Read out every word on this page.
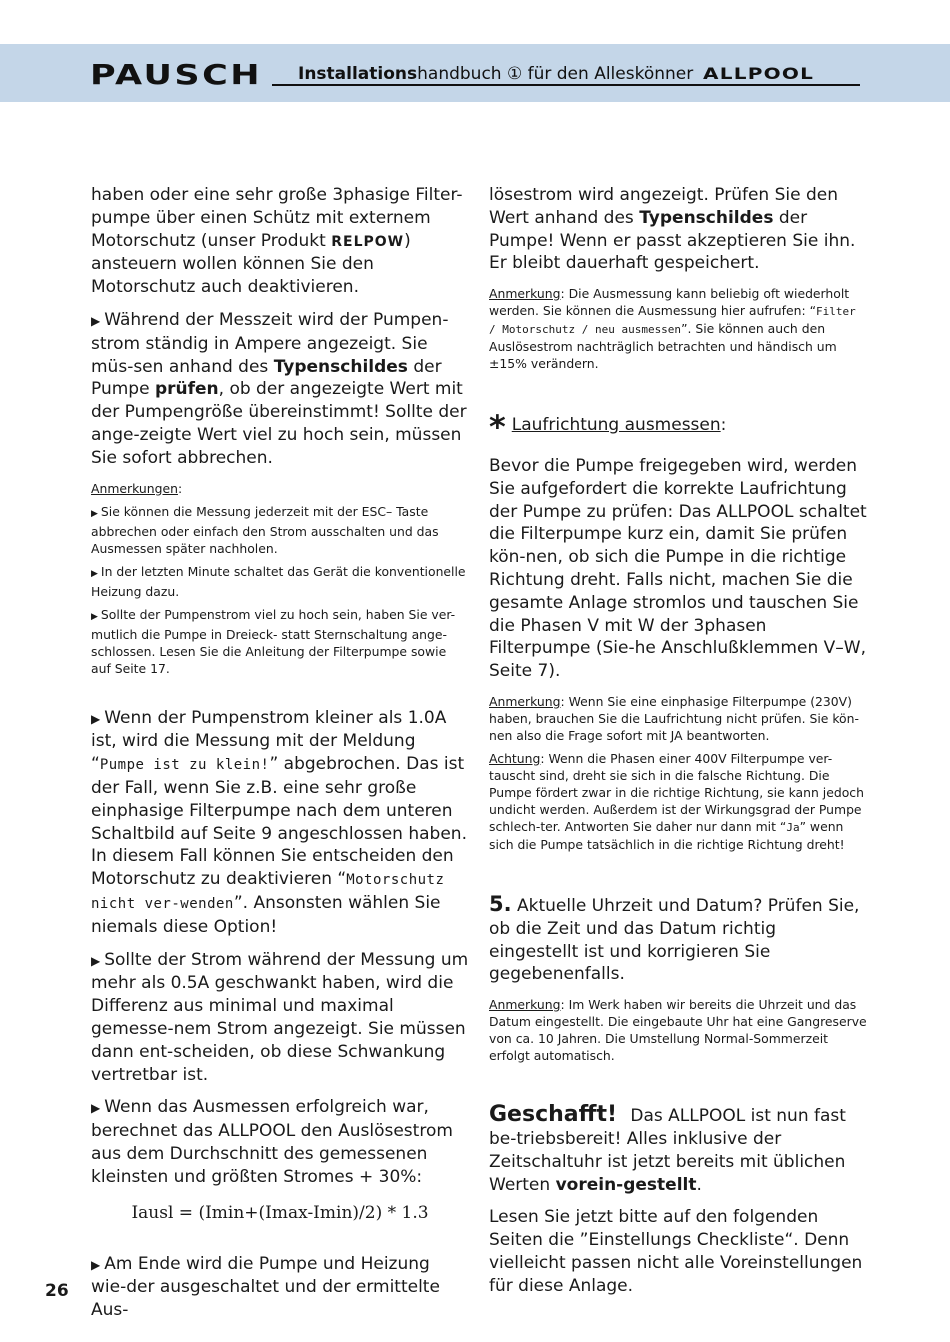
PAUSCH Installationshandbuch ① für den Alleskönner ALLPOOL

haben oder eine sehr große 3phasige Filter-pumpe über einen Schütz mit externem Motorschutz (unser Produkt RELPOW) ansteuern wollen können Sie den Motorschutz auch deaktivieren.

▶ Während der Messzeit wird der Pumpen-strom ständig in Ampere angezeigt. Sie müs-sen anhand des Typenschildes der Pumpe prüfen, ob der angezeigte Wert mit der Pumpengröße übereinstimmt! Sollte der ange-zeigte Wert viel zu hoch sein, müssen Sie sofort abbrechen.

Anmerkungen:

▶ Sie können die Messung jederzeit mit der ESC– Taste abbrechen oder einfach den Strom ausschalten und das Ausmessen später nachholen.

▶ In der letzten Minute schaltet das Gerät die konventionelle Heizung dazu.

▶ Sollte der Pumpenstrom viel zu hoch sein, haben Sie ver-mutlich die Pumpe in Dreieck- statt Sternschaltung ange-schlossen. Lesen Sie die Anleitung der Filterpumpe sowie auf Seite 17.

▶ Wenn der Pumpenstrom kleiner als 1.0A ist, wird die Messung mit der Meldung “Pumpe ist zu klein!” abgebrochen. Das ist der Fall, wenn Sie z.B. eine sehr große einphasige Filterpumpe nach dem unteren Schaltbild auf Seite 9 angeschlossen haben. In diesem Fall können Sie entscheiden den Motorschutz zu deaktivieren “Motorschutz nicht ver-wenden”. Ansonsten wählen Sie niemals diese Option!

▶ Sollte der Strom während der Messung um mehr als 0.5A geschwankt haben, wird die Differenz aus minimal und maximal gemesse-nem Strom angezeigt. Sie müssen dann ent-scheiden, ob diese Schwankung vertretbar ist.

▶ Wenn das Ausmessen erfolgreich war, berechnet das ALLPOOL den Auslösestrom aus dem Durchschnitt des gemessenen kleinsten und größten Stromes + 30%:

Iausl = (Imin+(Imax-Imin)/2) * 1.3

▶ Am Ende wird die Pumpe und Heizung wie-der ausgeschaltet und der ermittelte Aus-

lösestrom wird angezeigt. Prüfen Sie den Wert anhand des Typenschildes der Pumpe! Wenn er passt akzeptieren Sie ihn. Er bleibt dauerhaft gespeichert.

Anmerkung: Die Ausmessung kann beliebig oft wiederholt werden. Sie können die Ausmessung hier aufrufen: “Filter / Motorschutz / neu ausmessen”. Sie können auch den Auslösestrom nachträglich betrachten und händisch um ±15% verändern.

* Laufrichtung ausmessen:

Bevor die Pumpe freigegeben wird, werden Sie aufgefordert die korrekte Laufrichtung der Pumpe zu prüfen: Das ALLPOOL schaltet die Filterpumpe kurz ein, damit Sie prüfen kön-nen, ob sich die Pumpe in die richtige Richtung dreht. Falls nicht, machen Sie die gesamte Anlage stromlos und tauschen Sie die Phasen V mit W der 3phasen Filterpumpe (Sie-he Anschlußklemmen V–W, Seite 7).

Anmerkung: Wenn Sie eine einphasige Filterpumpe (230V) haben, brauchen Sie die Laufrichtung nicht prüfen. Sie kön-nen also die Frage sofort mit JA beantworten.

Achtung: Wenn die Phasen einer 400V Filterpumpe ver-tauscht sind, dreht sie sich in die falsche Richtung. Die Pumpe fördert zwar in die richtige Richtung, sie kann jedoch undicht werden. Außerdem ist der Wirkungsgrad der Pumpe schlech-ter. Antworten Sie daher nur dann mit “Ja” wenn sich die Pumpe tatsächlich in die richtige Richtung dreht!

5. Aktuelle Uhrzeit und Datum? Prüfen Sie, ob die Zeit und das Datum richtig eingestellt ist und korrigieren Sie gegebenenfalls.

Anmerkung: Im Werk haben wir bereits die Uhrzeit und das Datum eingestellt. Die eingebaute Uhr hat eine Gangreserve von ca. 10 Jahren. Die Umstellung Normal-Sommerzeit erfolgt automatisch.

Geschafft! Das ALLPOOL ist nun fast be-triebsbereit! Alles inklusive der Zeitschaltuhr ist jetzt bereits mit üblichen Werten vorein-gestellt.

Lesen Sie jetzt bitte auf den folgenden Seiten die ”Einstellungs Checkliste“. Denn vielleicht passen nicht alle Voreinstellungen für diese Anlage.

26
